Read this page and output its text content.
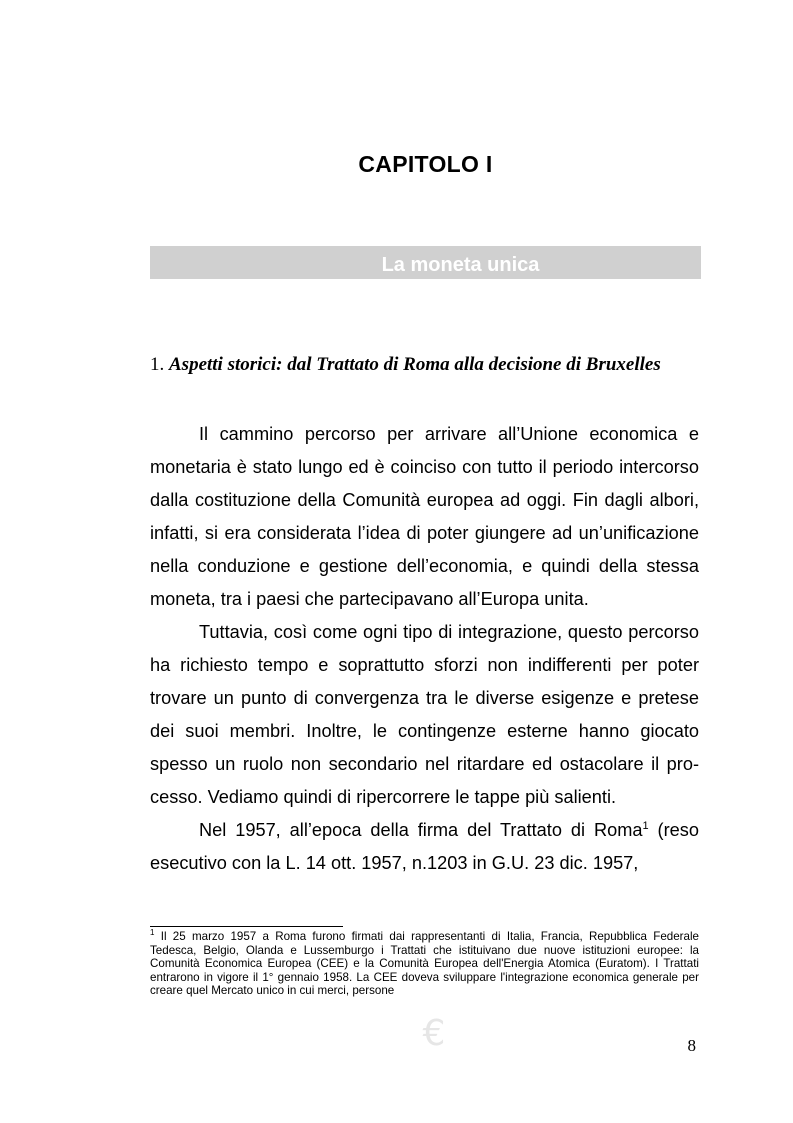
CAPITOLO I
La moneta unica
1. Aspetti storici: dal Trattato di Roma alla decisione di Bruxelles

Il cammino percorso per arrivare all’Unione economica e monetaria è stato lungo ed è coinciso con tutto il periodo intercorso dalla costituzione della Comunità europea ad oggi. Fin dagli albori, infatti, si era considerata l’idea di poter giungere ad un’unificazione nella conduzione e gestione dell’economia, e quindi della stessa moneta, tra i paesi che partecipavano all’Europa unita.

Tuttavia, così come ogni tipo di integrazione, questo percorso ha richiesto tempo e soprattutto sforzi non indifferenti per poter trovare un punto di convergenza tra le diverse esigenze e pretese dei suoi membri. Inoltre, le contingenze esterne hanno giocato spesso un ruolo non secondario nel ritardare ed ostacolare il processo. Vediamo quindi di ripercorrere le tappe più salienti.

Nel 1957, all’epoca della firma del Trattato di Roma$^1$ (reso esecutivo con la L. 14 ott. 1957, n.1203 in G.U. 23 dic. 1957,

$^1$ Il 25 marzo 1957 a Roma furono firmati dai rappresentanti di Italia, Francia, Repubblica Federale Tedesca, Belgio, Olanda e Lussemburgo i Trattati che istituivano due nuove istituzioni europee: la Comunità Economica Europea (CEE) e la Comunità Europea dell'Energia Atomica (Euratom). I Trattati entrarono in vigore il 1° gennaio 1958. La CEE doveva sviluppare l'integrazione economica generale per creare quel Mercato unico in cui merci, persone
€	8
